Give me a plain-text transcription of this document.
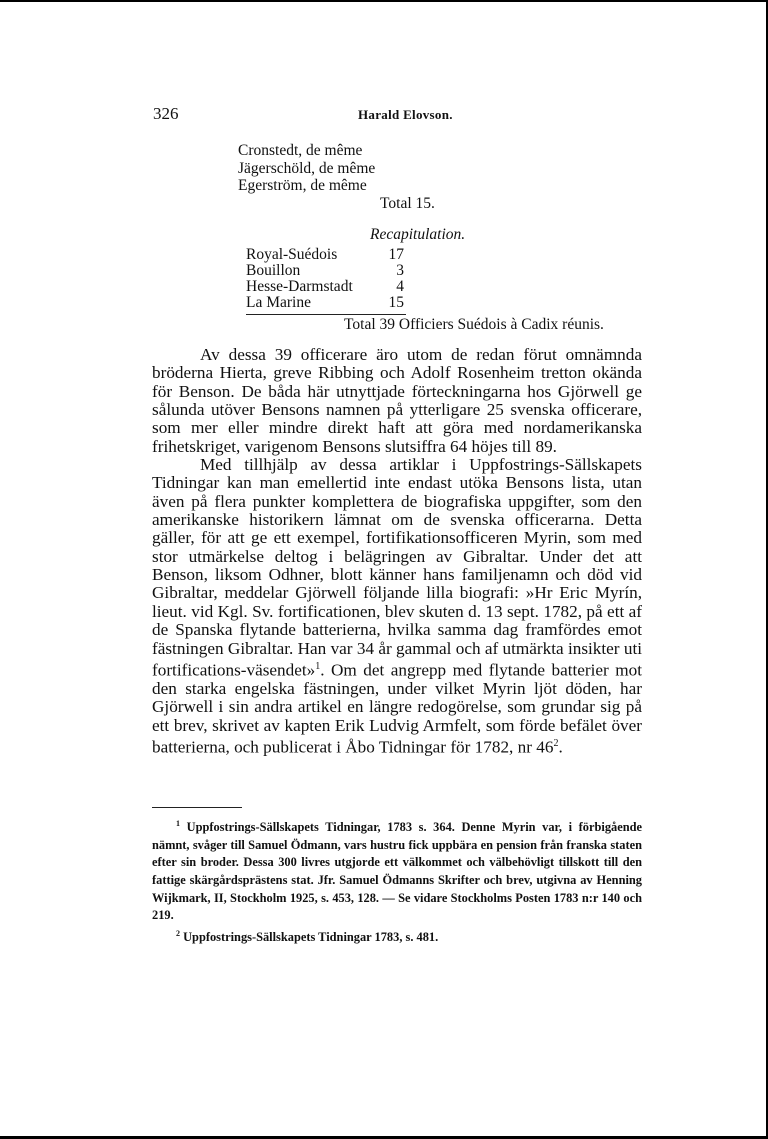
326	Harald Elovson.
Cronstedt, de même
Jägerschöld, de même
Egerström, de même
Total 15.
Recapitulation.
Royal-Suédois	17
Bouillon	3
Hesse-Darmstadt	4
La Marine	15
Total 39 Officiers Suédois à Cadix réunis.

Av dessa 39 officerare äro utom de redan förut omnämnda bröderna Hierta, greve Ribbing och Adolf Rosenheim tretton okända för Benson. De båda här utnyttjade förteckningarna hos Gjörwell ge sålunda utöver Bensons namnen på ytterligare 25 svenska officerare, som mer eller mindre direkt haft att göra med nordamerikanska frihetskriget, varigenom Bensons slutsiffra 64 höjes till 89.

Med tillhjälp av dessa artiklar i Uppfostrings-Sällskapets Tidningar kan man emellertid inte endast utöka Bensons lista, utan även på flera punkter komplettera de biografiska uppgifter, som den amerikanske historikern lämnat om de svenska officerarna. Detta gäller, för att ge ett exempel, fortifikationsofficeren Myrin, som med stor utmärkelse deltog i belägringen av Gibraltar. Under det att Benson, liksom Odhner, blott känner hans familjenamn och död vid Gibraltar, meddelar Gjörwell följande lilla biografi: »Hr Eric Myrín, lieut. vid Kgl. Sv. fortificationen, blev skuten d. 13 sept. 1782, på ett af de Spanska flytande batterierna, hvilka samma dag framfördes emot fästningen Gibraltar. Han var 34 år gammal och af utmärkta insikter uti fortifications-väsendet»$^1$. Om det angrepp med flytande batterier mot den starka engelska fästningen, under vilket Myrin ljöt döden, har Gjörwell i sin andra artikel en längre redogörelse, som grundar sig på ett brev, skrivet av kapten Erik Ludvig Armfelt, som förde befälet över batterierna, och publicerat i Åbo Tidningar för 1782, nr $46^2$.

$^1$ Uppfostrings-Sällskapets Tidningar, 1783 s. 364. Denne Myrin var, i förbigående nämnt, svåger till Samuel Ödmann, vars hustru fick uppbära en pension från franska staten efter sin broder. Dessa 300 livres utgjorde ett välkommet och välbehövligt tillskott till den fattige skärgårdsprästens stat. Jfr. Samuel Ödmanns Skrifter och brev, utgivna av Henning Wijkmark, II, Stockholm 1925, s. 453, 128. — Se vidare Stockholms Posten 1783 n:r 140 och 219.

$^2$ Uppfostrings-Sällskapets Tidningar 1783, s. 481.
